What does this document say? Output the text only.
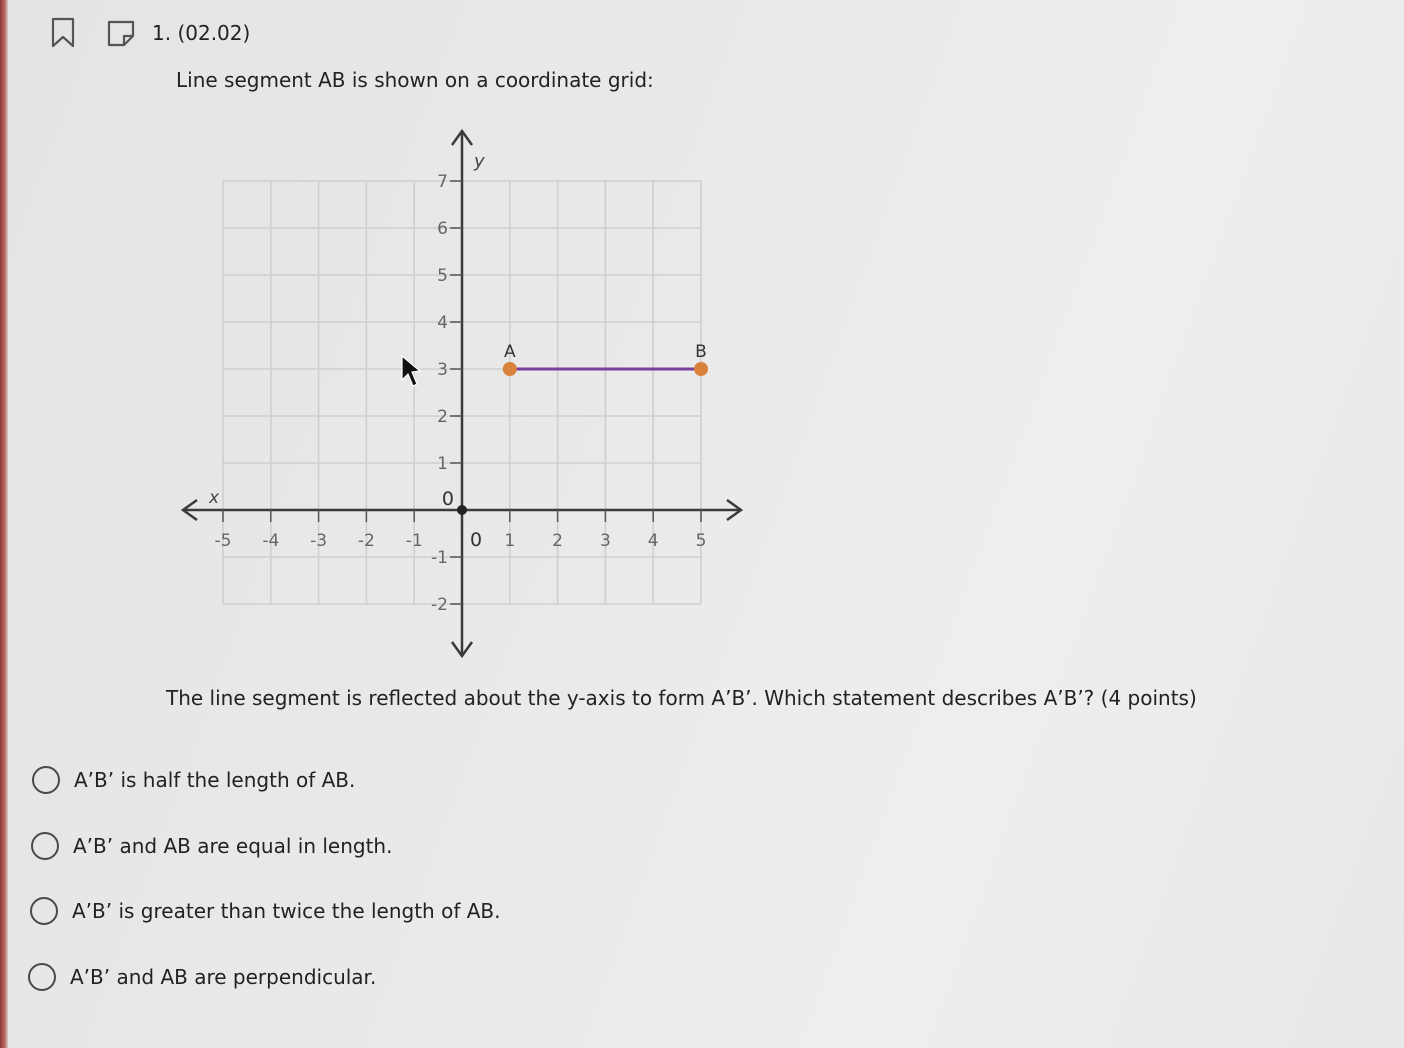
1. (02.02)
Line segment AB is shown on a coordinate grid:
x
y
-5 -4 -3 -2 -1 0 1 2 3 4 5
-2
-1
0
1
2
3
4
5
6
7
A	B
The line segment is reflected about the y-axis to form A’B’. Which statement describes A’B’? (4 points)
A’B’ is half the length of AB.
A’B’ and AB are equal in length.
A’B’ is greater than twice the length of AB.
A’B’ and AB are perpendicular.
